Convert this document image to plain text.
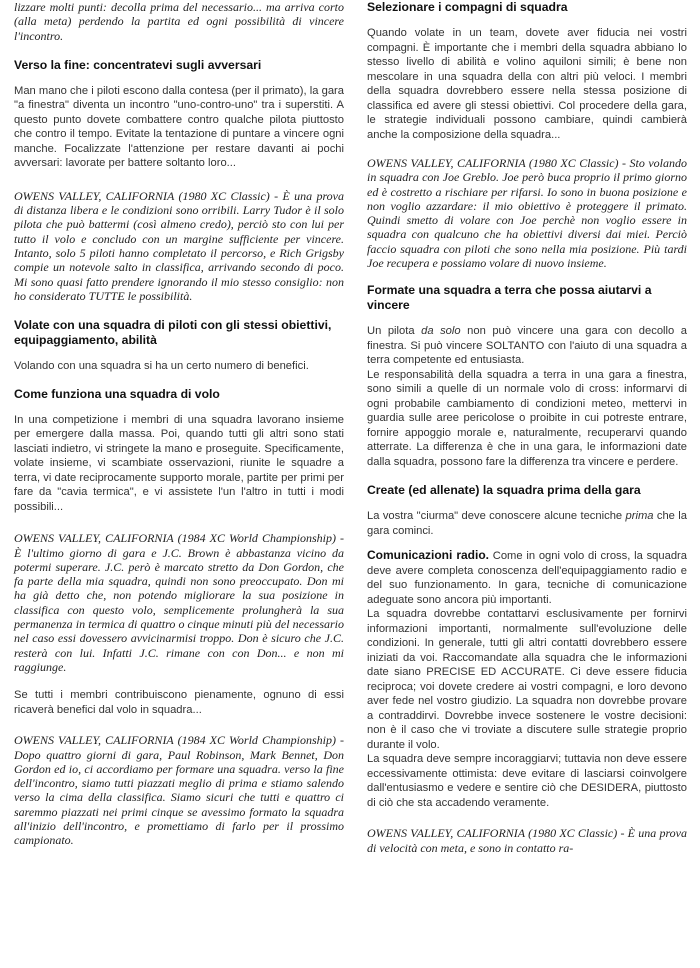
lizzare molti punti: decolla prima del necessario... ma arriva corto (alla meta) perdendo la partita ed ogni possibilità di vincere l'incontro.

Verso la fine: concentratevi sugli avversari

Man mano che i piloti escono dalla contesa (per il primato), la gara "a finestra" diventa un incontro "uno-contro-uno" tra i superstiti. A questo punto dovete combattere contro qualche pilota piuttosto che contro il tempo. Evitate la tentazione di puntare a vincere ogni manche. Focalizzate l'attenzione per restare davanti ai pochi avversari: lavorate per battere soltanto loro...

OWENS VALLEY, CALIFORNIA (1980 XC Classic) - È una prova di distanza libera e le condizioni sono orribili. Larry Tudor è il solo pilota che può battermi (così almeno credo), perciò sto con lui per tutto il volo e concludo con un margine sufficiente per vincere. Intanto, solo 5 piloti hanno completato il percorso, e Rich Grigsby compie un notevole salto in classifica, arrivando secondo di poco. Mi sono quasi fatto prendere ignorando il mio stesso consiglio: non ho considerato TUTTE le possibilità.

Volate con una squadra di piloti con gli stessi obiettivi, equipaggiamento, abilità

Volando con una squadra si ha un certo numero di benefici.

Come funziona una squadra di volo

In una competizione i membri di una squadra lavorano insieme per emergere dalla massa. Poi, quando tutti gli altri sono stati lasciati indietro, vi stringete la mano e proseguite. Specificamente, volate insieme, vi scambiate osservazioni, riunite le squadre a terra, vi date reciprocamente supporto morale, partite per primi per fare da "cavia termica", e vi assistete l'un l'altro in tutti i modi possibili...

OWENS VALLEY, CALIFORNIA (1984 XC World Championship) - È l'ultimo giorno di gara e J.C. Brown è abbastanza vicino da potermi superare. J.C. però è marcato stretto da Don Gordon, che fa parte della mia squadra, quindi non sono preoccupato. Don mi ha già detto che, non potendo migliorare la sua posizione in classifica con questo volo, semplicemente prolungherà la sua permanenza in termica di quattro o cinque minuti più del necessario nel caso essi dovessero avvicinarmisi troppo. Don è sicuro che J.C. resterà con lui. Infatti J.C. rimane con con Don... e non mi raggiunge.

Se tutti i membri contribuiscono pienamente, ognuno di essi ricaverà benefici dal volo in squadra...

OWENS VALLEY, CALIFORNIA (1984 XC World Championship) - Dopo quattro giorni di gara, Paul Robinson, Mark Bennet, Don Gordon ed io, ci accordiamo per formare una squadra. verso la fine dell'incontro, siamo tutti piazzati meglio di prima e stiamo salendo verso la cima della classifica. Siamo sicuri che tutti e quattro ci saremmo piazzati nei primi cinque se avessimo formato la squadra all'inizio dell'incontro, e promettiamo di farlo per il prossimo campionato.

Selezionare i compagni di squadra

Quando volate in un team, dovete aver fiducia nei vostri compagni. È importante che i membri della squadra abbiano lo stesso livello di abilità e volino aquiloni simili; è bene non mescolare in una squadra della con altri più veloci. I membri della squadra dovrebbero essere nella stessa posizione di classifica ed avere gli stessi obiettivi. Col procedere della gara, le strategie individuali possono cambiare, quindi cambierà anche la composizione della squadra...

OWENS VALLEY, CALIFORNIA (1980 XC Classic) - Sto volando in squadra con Joe Greblo. Joe però buca proprio il primo giorno ed è costretto a rischiare per rifarsi. Io sono in buona posizione e non voglio azzardare: il mio obiettivo è proteggere il primato. Quindi smetto di volare con Joe perchè non voglio essere in squadra con qualcuno che ha obiettivi diversi dai miei. Perciò faccio squadra con piloti che sono nella mia posizione. Più tardi Joe recupera e possiamo volare di nuovo insieme.

Formate una squadra a terra che possa aiutarvi a vincere

Un pilota da solo non può vincere una gara con decollo a finestra. Si può vincere SOLTANTO con l'aiuto di una squadra a terra competente ed entusiasta.

Le responsabilità della squadra a terra in una gara a finestra, sono simili a quelle di un normale volo di cross: informarvi di ogni probabile cambiamento di condizioni meteo, mettervi in guardia sulle aree pericolose o proibite in cui potreste entrare, fornire appoggio morale e, naturalmente, recuperarvi quando atterrate. La differenza è che in una gara, le informazioni date dalla squadra, possono fare la differenza tra vincere e perdere.

Create (ed allenate) la squadra prima della gara

La vostra "ciurma" deve conoscere alcune tecniche prima che la gara cominci.

Comunicazioni radio. Come in ogni volo di cross, la squadra deve avere completa conoscenza dell'equipaggiamento radio e del suo funzionamento. In gara, tecniche di comunicazione adeguate sono ancora più importanti.

La squadra dovrebbe contattarvi esclusivamente per fornirvi informazioni importanti, normalmente sull'evoluzione delle condizioni. In generale, tutti gli altri contatti dovrebbero essere iniziati da voi. Raccomandate alla squadra che le informazioni date siano PRECISE ED ACCURATE. Ci deve essere fiducia reciproca; voi dovete credere ai vostri compagni, e loro devono aver fede nel vostro giudizio. La squadra non dovrebbe provare a contraddirvi. Dovrebbe invece sostenere le vostre decisioni: non è il caso che vi troviate a discutere sulle strategie proprio durante il volo.

La squadra deve sempre incoraggiarvi; tuttavia non deve essere eccessivamente ottimista: deve evitare di lasciarsi coinvolgere dall'entusiasmo e vedere e sentire ciò che DESIDERA, piuttosto di ciò che sta accadendo veramente.

OWENS VALLEY, CALIFORNIA (1980 XC Classic) - È una prova di velocità con meta, e sono in contatto ra-
